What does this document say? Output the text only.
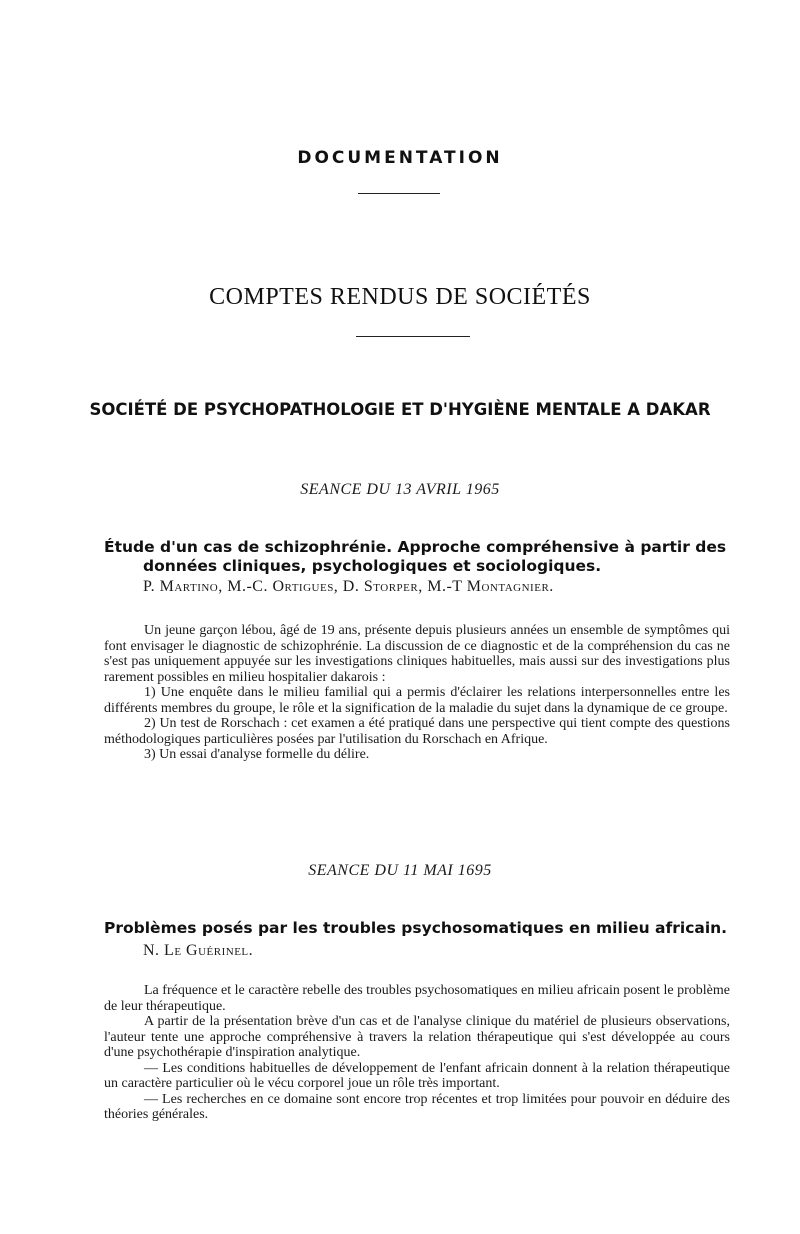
DOCUMENTATION
COMPTES RENDUS DE SOCIÉTÉS
SOCIÉTÉ DE PSYCHOPATHOLOGIE ET D'HYGIÈNE MENTALE A DAKAR
SEANCE DU 13 AVRIL 1965
Étude d'un cas de schizophrénie. Approche compréhensive à partir des
données cliniques, psychologiques et sociologiques.
P. Martino, M.-C. Ortigues, D. Storper, M.-T Montagnier.

Un jeune garçon lébou, âgé de 19 ans, présente depuis plusieurs années un ensemble de symptômes qui font envisager le diagnostic de schizophrénie. La discussion de ce diagnostic et de la compréhension du cas ne s'est pas uniquement appuyée sur les investigations cliniques habituelles, mais aussi sur des investigations plus rarement possibles en milieu hospitalier dakarois :

1) Une enquête dans le milieu familial qui a permis d'éclairer les relations interpersonnelles entre les différents membres du groupe, le rôle et la signification de la maladie du sujet dans la dynamique de ce groupe.

2) Un test de Rorschach : cet examen a été pratiqué dans une perspective qui tient compte des questions méthodologiques particulières posées par l'utilisation du Rorschach en Afrique.

3) Un essai d'analyse formelle du délire.

SEANCE DU 11 MAI 1695
Problèmes posés par les troubles psychosomatiques en milieu africain.
N. Le Guérinel.

La fréquence et le caractère rebelle des troubles psychosomatiques en milieu africain posent le problème de leur thérapeutique.

A partir de la présentation brève d'un cas et de l'analyse clinique du matériel de plusieurs observations, l'auteur tente une approche compréhensive à travers la relation thérapeutique qui s'est développée au cours d'une psychothérapie d'inspiration analytique.

— Les conditions habituelles de développement de l'enfant africain donnent à la relation thérapeutique un caractère particulier où le vécu corporel joue un rôle très important.

— Les recherches en ce domaine sont encore trop récentes et trop limitées pour pouvoir en déduire des théories générales.
